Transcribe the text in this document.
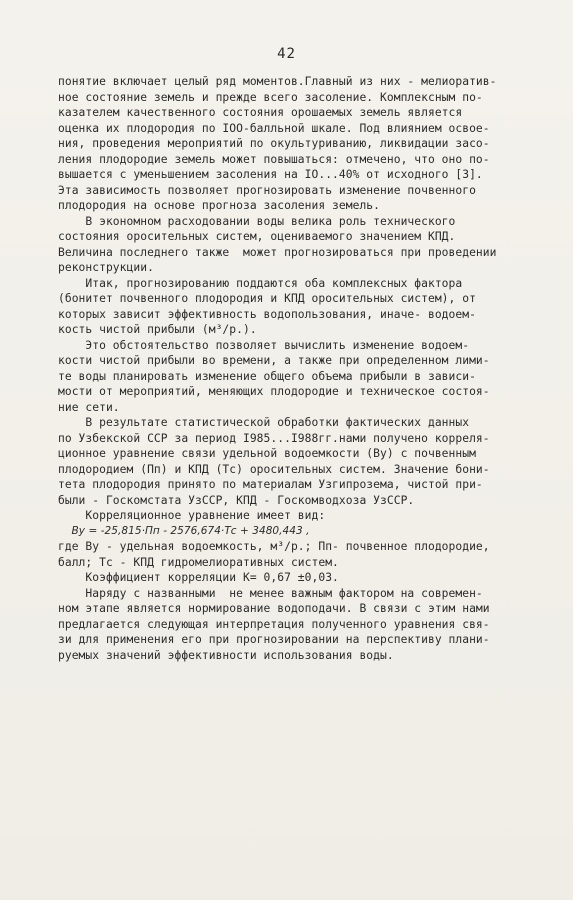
42
понятие включает целый ряд моментов.Главный из них - мелиоратив-
ное состояние земель и прежде всего засоление. Комплексным по-
казателем качественного состояния орошаемых земель является
оценка их плодородия по IOO-балльной шкале. Под влиянием освое-
ния, проведения мероприятий по окультуриванию, ликвидации засо-
ления плодородие земель может повышаться: отмечено, что оно по-
вышается с уменьшением засоления на IO...40% от исходного [3].
Эта зависимость позволяет прогнозировать изменение почвенного
плодородия на основе прогноза засоления земель.
В экономном расходовании воды велика роль технического
состояния оросительных систем, оцениваемого значением КПД.
Величина последнего также  может прогнозироваться при проведении
реконструкции.
Итак, прогнозированию поддаются оба комплексных фактора
(бонитет почвенного плодородия и КПД оросительных систем), от
которых зависит эффективность водопользования, иначе- водоем-
кость чистой прибыли (м³/р.).
Это обстоятельство позволяет вычислить изменение водоем-
кости чистой прибыли во времени, а также при определенном лими-
те воды планировать изменение общего объема прибыли в зависи-
мости от мероприятий, меняющих плодородие и техническое состоя-
ние сети.
В результате статистической обработки фактических данных
по Узбекской ССР за период I985...I988гг.нами получено корреля-
ционное уравнение связи удельной водоемкости (Bу) с почвенным
плодородием (Пп) и КПД (Tс) оросительных систем. Значение бони-
тета плодородия принято по материалам Узгипрозема, чистой при-
были - Госкомстата УзССР, КПД - Госкомводхоза УзССР.
Корреляционное уравнение имеет вид:
Bу = -25,815·Пп - 2576,674·Tс + 3480,443 ,
где Bу - удельная водоемкость, м³/р.; Пп- почвенное плодородие,
балл; Tс - КПД гидромелиоративных систем.
Коэффициент корреляции К= 0,67 ±0,03.
Наряду с названными  не менее важным фактором на современ-
ном этапе является нормирование водоподачи. В связи с этим нами
предлагается следующая интерпретация полученного уравнения свя-
зи для применения его при прогнозировании на перспективу плани-
руемых значений эффективности использования воды.
